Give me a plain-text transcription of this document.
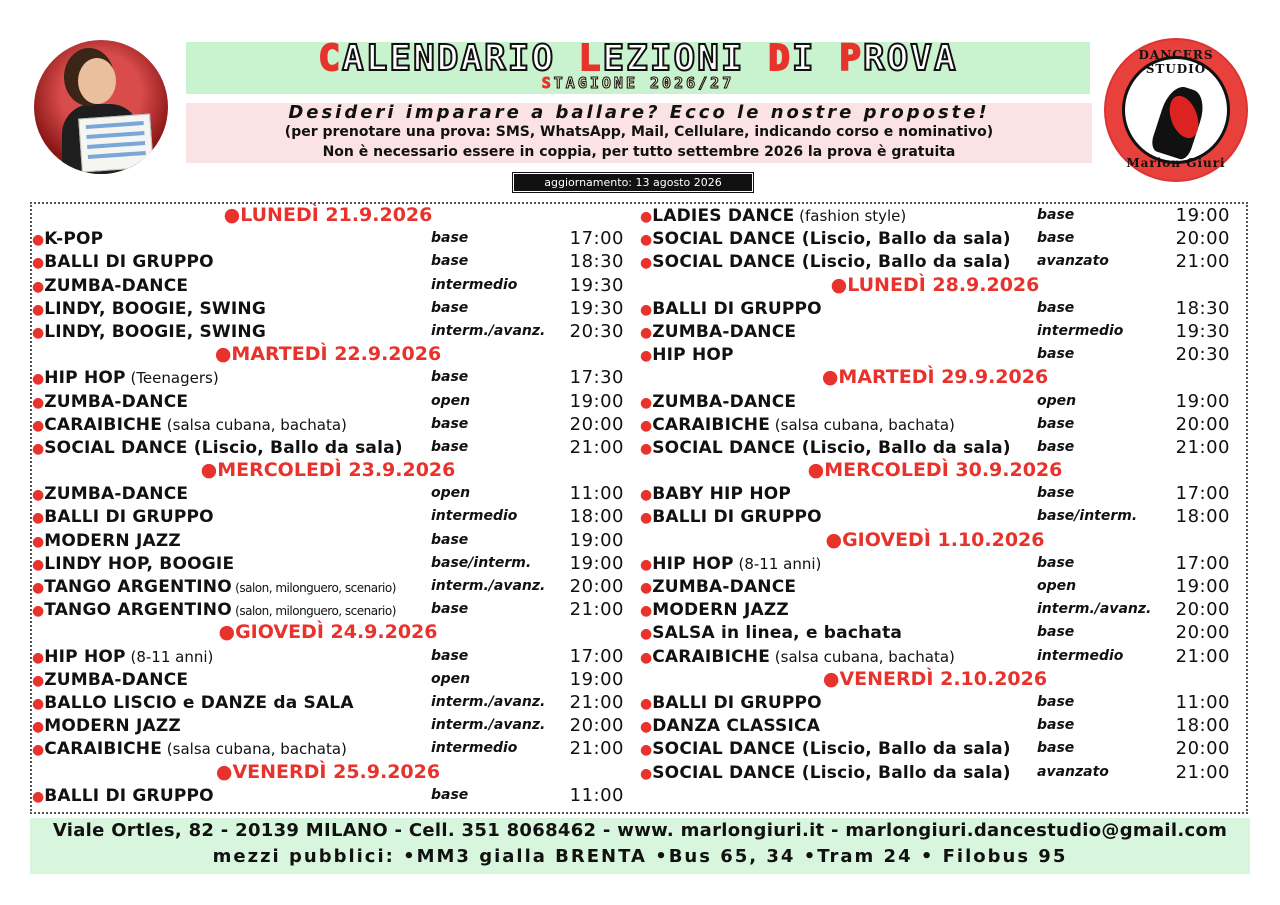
CALENDARIO LEZIONI DI PROVA
STAGIONE 2026/27
DANCERS STUDIO
Marlon Giuri
Desideri imparare a ballare? Ecco le nostre proposte!
(per prenotare una prova: SMS, WhatsApp, Mail, Cellulare, indicando corso e nominativo)
Non è necessario essere in coppia, per tutto settembre 2026 la prova è gratuita
aggiornamento: 13 agosto 2026
●LUNEDÌ 21.9.2026
●K-POP	base	17:00
●BALLI DI GRUPPO	base	18:30
●ZUMBA-DANCE	intermedio	19:30
●LINDY, BOOGIE, SWING	base	19:30
●LINDY, BOOGIE, SWING	interm./avanz. 20:30
●MARTEDÌ 22.9.2026
●HIP HOP (Teenagers)	base	17:30
●ZUMBA-DANCE	open	19:00
●CARAIBICHE (salsa cubana, bachata)	base	20:00
●SOCIAL DANCE (Liscio, Ballo da sala) base	21:00
●MERCOLEDÌ 23.9.2026
●ZUMBA-DANCE	open	11:00
●BALLI DI GRUPPO	intermedio	18:00
●MODERN JAZZ	base	19:00
●LINDY HOP, BOOGIE	base/interm. 19:00
●TANGO ARGENTINO (salon, milonguero, scenario)	interm./avanz. 20:00
●TANGO ARGENTINO (salon, milonguero, scenario)	base	21:00
●GIOVEDÌ 24.9.2026
●HIP HOP (8-11 anni)	base	17:00
●ZUMBA-DANCE	open	19:00
●BALLO LISCIO e DANZE da SALA	interm./avanz. 21:00
●MODERN JAZZ	interm./avanz. 20:00
●CARAIBICHE (salsa cubana, bachata)	intermedio	21:00
●VENERDÌ 25.9.2026
●BALLI DI GRUPPO	base	11:00
●LADIES DANCE (fashion style)	base	19:00
●SOCIAL DANCE (Liscio, Ballo da sala) base	20:00
●SOCIAL DANCE (Liscio, Ballo da sala) avanzato	21:00
●LUNEDÌ 28.9.2026
●BALLI DI GRUPPO	base	18:30
●ZUMBA-DANCE	intermedio	19:30
●HIP HOP	base	20:30
●MARTEDÌ 29.9.2026
●ZUMBA-DANCE	open	19:00
●CARAIBICHE (salsa cubana, bachata)	base	20:00
●SOCIAL DANCE (Liscio, Ballo da sala) base	21:00
●MERCOLEDÌ 30.9.2026
●BABY HIP HOP	base	17:00
●BALLI DI GRUPPO	base/interm. 18:00
●GIOVEDÌ 1.10.2026
●HIP HOP (8-11 anni)	base	17:00
●ZUMBA-DANCE	open	19:00
●MODERN JAZZ	interm./avanz. 20:00
●SALSA in linea, e bachata	base	20:00
●CARAIBICHE (salsa cubana, bachata)	intermedio	21:00
●VENERDÌ 2.10.2026
●BALLI DI GRUPPO	base	11:00
●DANZA CLASSICA	base	18:00
●SOCIAL DANCE (Liscio, Ballo da sala) base	20:00
●SOCIAL DANCE (Liscio, Ballo da sala) avanzato	21:00
Viale Ortles, 82 - 20139 MILANO - Cell. 351 8068462 - www. marlongiuri.it - marlongiuri.dancestudio@gmail.com
mezzi pubblici: •MM3 gialla BRENTA •Bus 65, 34 •Tram 24 • Filobus 95
